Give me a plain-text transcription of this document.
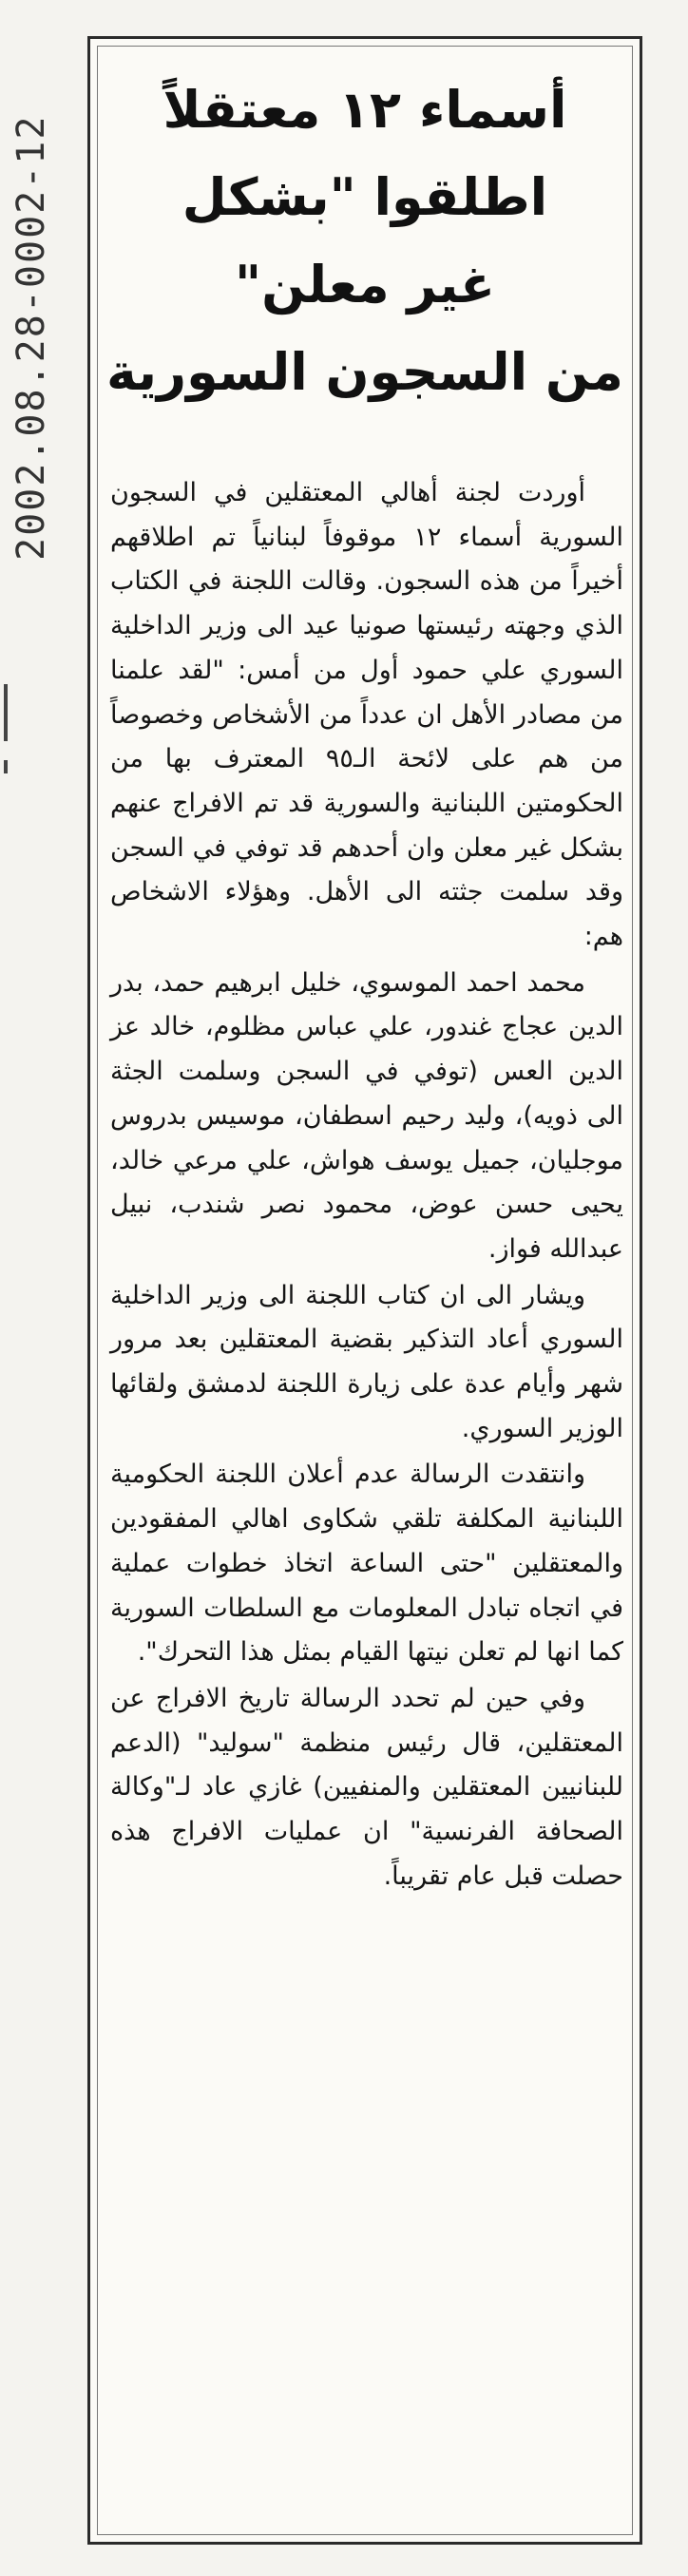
2002.08.28-0002-12
أسماء ١٢ معتقلاً
اطلقوا "بشكل
غير معلن"
من السجون السورية

أوردت لجنة أهالي المعتقلين في السجون السورية أسماء ١٢ موقوفاً لبنانياً تم اطلاقهم أخيراً من هذه السجون. وقالت اللجنة في الكتاب الذي وجهته رئيستها صونيا عيد الى وزير الداخلية السوري علي حمود أول من أمس: "لقد علمنا من مصادر الأهل ان عدداً من الأشخاص وخصوصاً من هم على لائحة الـ٩٥ المعترف بها من الحكومتين اللبنانية والسورية قد تم الافراج عنهم بشكل غير معلن وان أحدهم قد توفي في السجن وقد سلمت جثته الى الأهل. وهؤلاء الاشخاص هم:

محمد احمد الموسوي، خليل ابرهيم حمد، بدر الدين عجاج غندور، علي عباس مظلوم، خالد عز الدين العس (توفي في السجن وسلمت الجثة الى ذويه)، وليد رحيم اسطفان، موسيس بدروس موجليان، جميل يوسف هواش، علي مرعي خالد، يحيى حسن عوض، محمود نصر شندب، نبيل عبدالله فواز.

ويشار الى ان كتاب اللجنة الى وزير الداخلية السوري أعاد التذكير بقضية المعتقلين بعد مرور شهر وأيام عدة على زيارة اللجنة لدمشق ولقائها الوزير السوري.

وانتقدت الرسالة عدم أعلان اللجنة الحكومية اللبنانية المكلفة تلقي شكاوى اهالي المفقودين والمعتقلين "حتى الساعة اتخاذ خطوات عملية في اتجاه تبادل المعلومات مع السلطات السورية كما انها لم تعلن نيتها القيام بمثل هذا التحرك".

وفي حين لم تحدد الرسالة تاريخ الافراج عن المعتقلين، قال رئيس منظمة "سوليد" (الدعم للبنانيين المعتقلين والمنفيين) غازي عاد لـ"وكالة الصحافة الفرنسية" ان عمليات الافراج هذه حصلت قبل عام تقريباً.
